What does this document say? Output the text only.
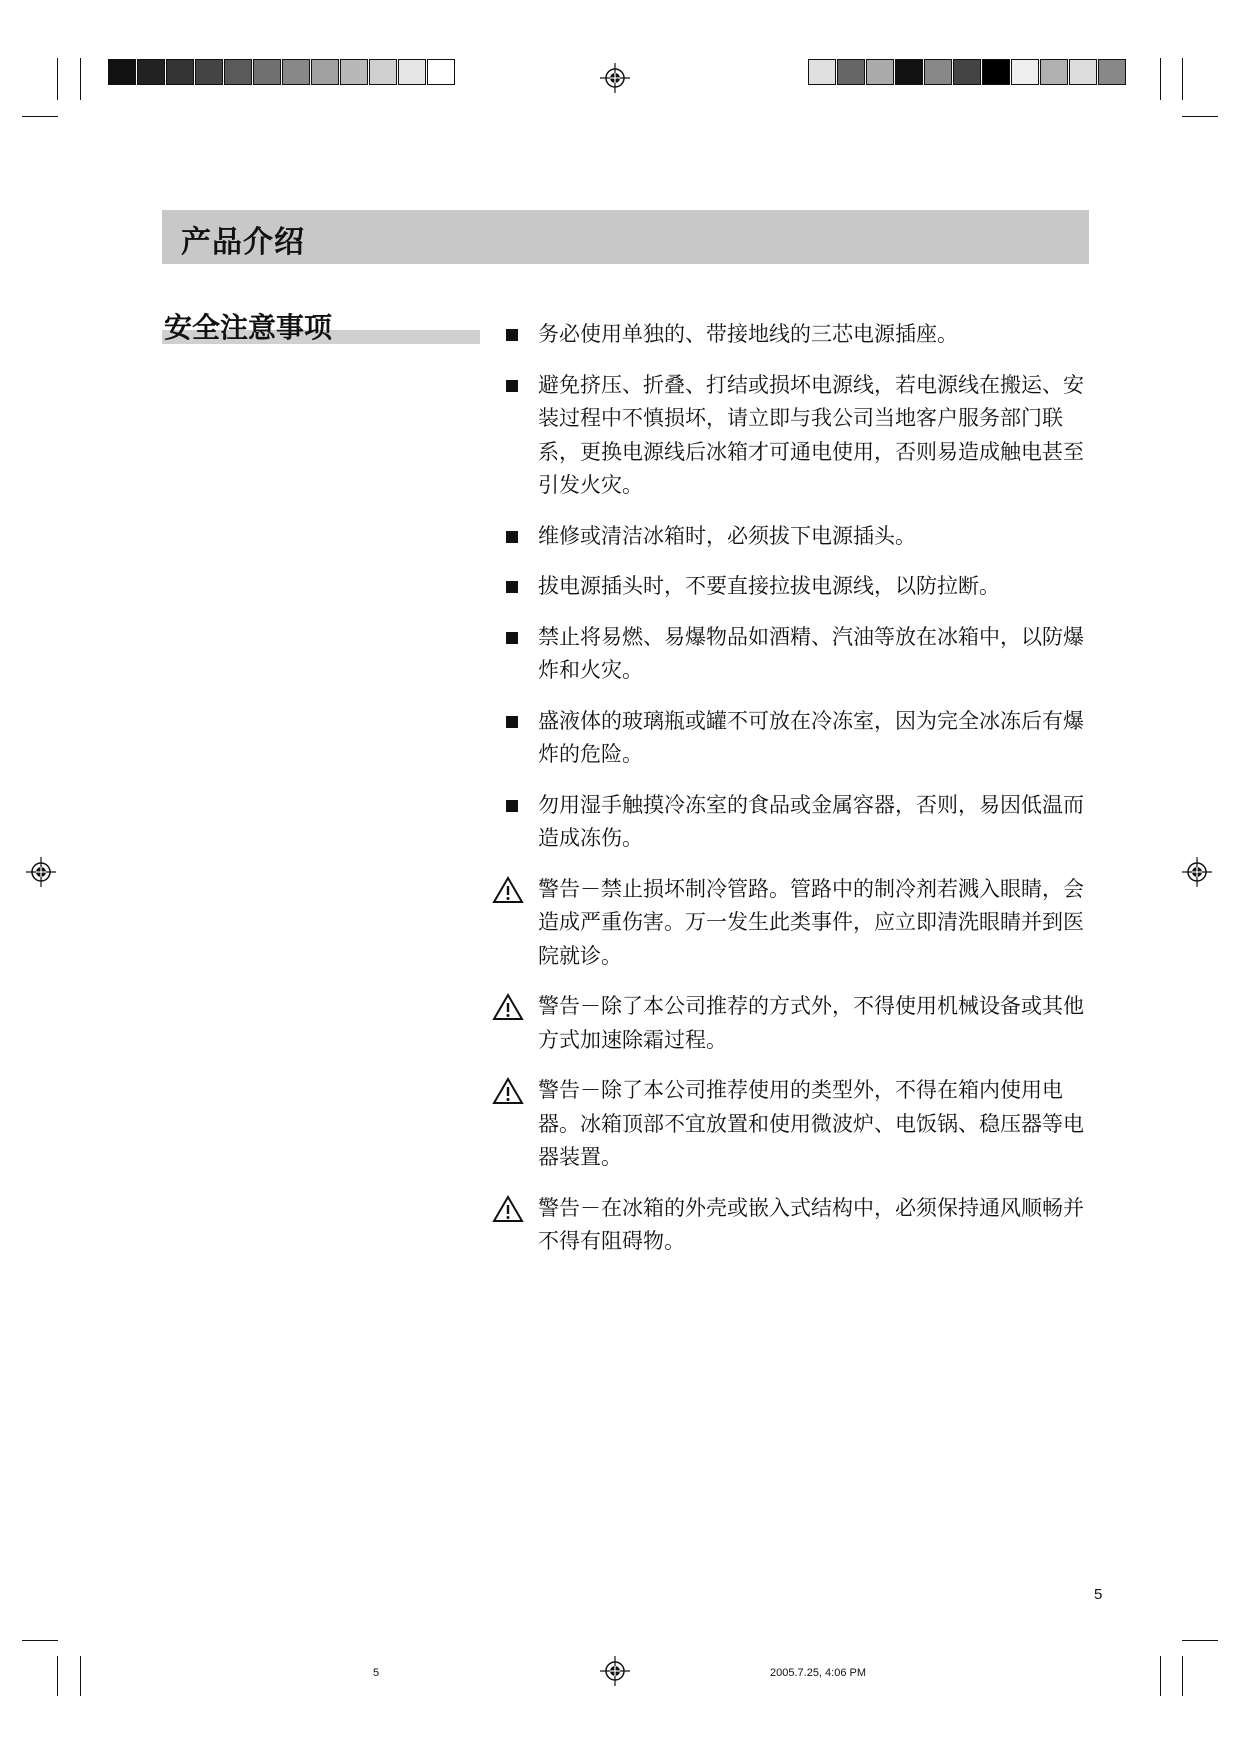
产品介绍
安全注意事项	务必使用单独的、带接地线的三芯电源插座。
避免挤压、折叠、打结或损坏电源线，若电源线在搬运、安装过程中不慎损坏，请立即与我公司当地客户服务部门联系，更换电源线后冰箱才可通电使用，否则易造成触电甚至引发火灾。
维修或清洁冰箱时，必须拔下电源插头。
拔电源插头时，不要直接拉拔电源线，以防拉断。
禁止将易燃、易爆物品如酒精、汽油等放在冰箱中，以防爆炸和火灾。
盛液体的玻璃瓶或罐不可放在冷冻室，因为完全冰冻后有爆炸的危险。
勿用湿手触摸冷冻室的食品或金属容器，否则，易因低温而造成冻伤。
警告－禁止损坏制冷管路。管路中的制冷剂若溅入眼睛，会造成严重伤害。万一发生此类事件，应立即清洗眼睛并到医院就诊。
警告－除了本公司推荐的方式外，不得使用机械设备或其他方式加速除霜过程。
警告－除了本公司推荐使用的类型外，不得在箱内使用电器。冰箱顶部不宜放置和使用微波炉、电饭锅、稳压器等电器装置。
警告－在冰箱的外壳或嵌入式结构中，必须保持通风顺畅并不得有阻碍物。
5
5	2005.7.25, 4:06 PM
